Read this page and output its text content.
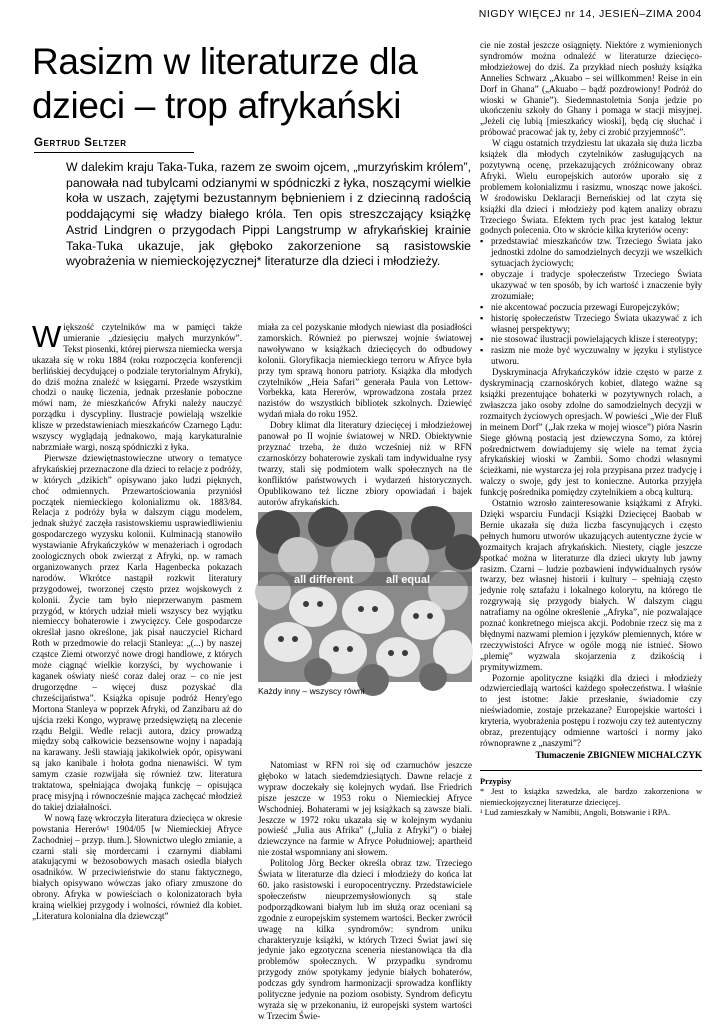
NIGDY WIĘCEJ nr 14, JESIEŃ–ZIMA 2004
Rasizm w literaturze dla dzieci – trop afrykański
Gertrud Seltzer
W dalekim kraju Taka-Tuka, razem ze swoim ojcem, „murzyńskim królem”, panowała nad tubylcami odzianymi w spódniczki z łyka, noszącymi wielkie koła w uszach, zajętymi bezustannym bębnieniem i z dziecinną radością poddającymi się władzy białego króla. Ten opis streszczający książkę Astrid Lindgren o przygodach Pippi Langstrump w afrykańskiej krainie Taka-Tuka ukazuje, jak głęboko zakorzenione są rasistowskie wyobrażenia w niemieckojęzycznej* literaturze dla dzieci i młodzieży.

Większość czytelników ma w pamięci także umieranie „dziesięciu małych murzynków”. Tekst piosenki, której pierwsza niemiecka wersja ukazała się w roku 1884 (roku rozpoczęcia konferencji berlińskiej decydującej o podziale terytorialnym Afryki), do dziś można znaleźć w księgarni. Przede wszystkim chodzi o naukę liczenia, jednak przesłanie poboczne mówi nam, że mieszkańców Afryki należy nauczyć porządku i dyscypliny. Ilustracje powielają wszelkie klisze w przedstawieniach mieszkańców Czarnego Lądu: wszyscy wyglądają jednakowo, mają karykaturalnie nabrzmiałe wargi, noszą spódniczki z łyka.

Pierwsze dziewiętnastowieczne utwory o tematyce afrykańskiej przeznaczone dla dzieci to relacje z podróży, w których „dzikich” opisywano jako ludzi pięknych, choć odmiennych. Przewartościowania przyniósł początek niemieckiego kolonializmu ok. 1883/84. Relacja z podróży była w dalszym ciągu modelem, jednak służyć zaczęła rasistowskiemu usprawiedliwieniu gospodarczego wyzysku kolonii. Kulminacją stanowiło wystawianie Afrykańczyków w menażeriach i ogrodach zoologicznych obok zwierząt z Afryki, np. w ramach organizowanych przez Karla Hagenbecka pokazach narodów. Wkrótce nastąpił rozkwit literatury przygodowej, tworzonej często przez wojskowych z kolonii. Życie tam było nieprzerwanym pasmem przygód, w których udział mieli wszyscy bez wyjątku niemieccy bohaterowie i zwycięzcy. Cele gospodarcze określał jasno określone, jak pisał nauczyciel Richard Roth w przedmowie do relacji Stanleya: „(...) by naszej cząstce Ziemi otworzyć nowe drogi handlowe, z których może ciągnąć wielkie korzyści, by wychowanie i kaganek oświaty nieść coraz dalej oraz – co nie jest drugorzędne – więcej dusz pozyskać dla chrześcijaństwa”. Książka opisuje podróż Henry'ego Mortona Stanleya w poprzek Afryki, od Zanzibaru aż do ujścia rzeki Kongo, wyprawę przedsięwziętą na zlecenie rządu Belgii. Wedle relacji autora, dzicy prowadzą między sobą całkowicie bezsensowne wojny i napadają na karawany. Jeśli stawiają jakikolwiek opór, opisywani są jako kanibale i hołota godna nienawiści. W tym samym czasie rozwijała się również tzw. literatura traktatowa, spełniająca dwojaką funkcję – opisująca pracę misyjną i równocześnie mająca zachęcać młodzież do takiej działalności.

W nową fazę wkroczyła literatura dziecięca w okresie powstania Hererów¹ 1904/05 [w Niemieckiej Afryce Zachodniej – przyp. tłum.]. Słownictwo uległo zmianie, a czarni stali się mordercami i czarnymi diabłami atakującymi w bezosobowych masach osiedla białych osadników. W przeciwieństwie do stanu faktycznego, białych opisywano wówczas jako ofiary zmuszone do obrony. Afryka w powieściach o kolonizatorach była krainą wielkiej przygody i wolności, również dla kobiet. „Literatura kolonialna dla dziewcząt”

miała za cel pozyskanie młodych niewiast dla posiadłości zamorskich. Również po pierwszej wojnie światowej nawoływano w książkach dziecięcych do odbudowy kolonii. Gloryfikacja niemieckiego terroru w Afryce była przy tym sprawą honoru patrioty. Książka dla młodych czytelników „Heia Safari” generała Paula von Lettow-Vorbekka, kata Hererów, wprowadzona została przez nazistów do wszystkich bibliotek szkolnych. Dziewięć wydań miała do roku 1952.

Dobry klimat dla literatury dziecięcej i młodzieżowej panował po II wojnie światowej w NRD. Obiektywnie przyznać trzeba, że dużo wcześniej niż w RFN czarnoskórzy bohaterowie zyskali tam indywidualne rysy twarzy, stali się podmiotem walk społecznych na tle konfliktów państwowych i wydarzeń historycznych. Opublikowano też liczne zbiory opowiadań i bajek autorów afrykańskich.

Natomiast w RFN roi się od czarnuchów jeszcze głęboko w latach siedemdziesiątych. Dawne relacje z wypraw doczekały się kolejnych wydań. Ilse Friedrich pisze jeszcze w 1953 roku o Niemieckiej Afryce Wschodniej. Bohaterami w jej książkach są zawsze biali. Jeszcze w 1972 roku ukazała się w kolejnym wydaniu powieść „Julia aus Afrika” („Julia z Afryki”) o białej dziewczynce na farmie w Afryce Południowej; apartheid nie został wspomniany ani słowem.

Politolog Jörg Becker określa obraz tzw. Trzeciego Świata w literaturze dla dzieci i młodzieży do końca lat 60. jako rasistowski i europocentryczny. Przedstawiciele społeczeństw nieuprzemysłowionych są stale podporządkowani białym lub im służą oraz oceniani są zgodnie z europejskim systemem wartości. Becker zwrócił uwagę na kilka syndromów: syndrom uniku charakteryzuje książki, w których Trzeci Świat jawi się jedynie jako egzotyczna sceneria niestanowiąca tła dla problemów społecznych. W przypadku syndromu przygody znów spotykamy jedynie białych bohaterów, podczas gdy syndrom harmonizacji sprowadza konflikty polityczne jedynie na poziom osobisty. Syndrom deficytu wyraża się w przekonaniu, iż europejski system wartości w Trzecim Świe-

all different	all equal
Każdy inny – wszyscy równi

cie nie został jeszcze osiągnięty. Niektóre z wymienionych syndromów można odnaleźć w literaturze dziecięco-młodzieżowej do dziś. Za przykład niech posłuży książka Annelies Schwarz „Akuabo – sei willkommen! Reise in ein Dorf in Ghana” („Akuabo – bądź pozdrowiony! Podróż do wioski w Ghanie”). Siedemnastoletnia Sonja jedzie po ukończeniu szkoły do Ghany i pomaga w stacji misyjnej. „Jeżeli cię lubią [mieszkańcy wioski], będą cię słuchać i próbować pracować jak ty, żeby ci zrobić przyjemność”.

W ciągu ostatnich trzydziestu lat ukazała się duża liczba książek dla młodych czytelników zasługujących na pozytywną ocenę, przekazujących zróżnicowany obraz Afryki. Wielu europejskich autorów uporało się z problemem kolonializmu i rasizmu, wnosząc nowe jakości. W środowisku Deklaracji Berneńskiej od lat czyta się książki dla dzieci i młodzieży pod kątem analizy obrazu Trzeciego Świata. Efektem tych prac jest katalog lektur godnych polecenia. Oto w skrócie kilka kryteriów oceny:

▪ przedstawiać mieszkańców tzw. Trzeciego Świata jako jednostki zdolne do samodzielnych decyzji we wszelkich sytuacjach życiowych;
▪ obyczaje i tradycje społeczeństw Trzeciego Świata ukazywać w ten sposób, by ich wartość i znaczenie były zrozumiałe;
▪ nie akcentować poczucia przewagi Europejczyków;
▪ historię społeczeństw Trzeciego Świata ukazywać z ich własnej perspektywy;
▪ nie stosować ilustracji powielających klisze i stereotypy;
▪ rasizm nie może być wyczuwalny w języku i stylistyce utworu.

Dyskryminacja Afrykańczyków idzie często w parze z dyskryminacją czarnoskórych kobiet, dlatego ważne są książki prezentujące bohaterki w pozytywnych rolach, a zwłaszcza jako osoby zdolne do samodzielnych decyzji w rozmaitych życiowych opresjach. W powieści „Wie der Fluß in meinem Dorf” („Jak rzeka w mojej wiosce”) pióra Nasrin Siege główną postacią jest dziewczyna Somo, za której pośrednictwem dowiadujemy się wiele na temat życia afrykańskiej wioski w Zambii. Somo chodzi własnymi ścieżkami, nie wystarcza jej rola przypisana przez tradycję i walczy o swoje, gdy jest to konieczne. Autorka przyjęła funkcję pośrednika pomiędzy czytelnikiem a obcą kulturą.

Ostatnio wzrosło zainteresowanie książkami z Afryki. Dzięki wsparciu Fundacji Książki Dziecięcej Baobab w Bernie ukazała się duża liczba fascynujących i często pełnych humoru utworów ukazujących autentyczne życie w rozmaitych krajach afrykańskich. Niestety, ciągle jeszcze spotkać można w literaturze dla dzieci ukryty lub jawny rasizm. Czarni – ludzie pozbawieni indywidualnych rysów twarzy, bez własnej historii i kultury – spełniają często jedynie rolę sztafażu i lokalnego kolorytu, na którego tle rozgrywają się przygody białych. W dalszym ciągu natrafiamy na ogólne określenie „Afryka”, nie pozwalające poznać konkretnego miejsca akcji. Podobnie rzecz się ma z błędnymi nazwami plemion i języków plemiennych, które w rzeczywistości Afryce w ogóle mogą nie istnieć. Słowo „plemię” wyzwala skojarzenia z dzikością i prymitywizmem.

Pozornie apolityczne książki dla dzieci i młodzieży odzwierciedlają wartości każdego społeczeństwa. I właśnie to jest istotne: Jakie przesłanie, świadomie czy nieświadomie, zostaje przekazane? Europejskie wartości i kryteria, wyobrażenia postępu i rozwoju czy też autentyczny obraz, prezentujący odmienne wartości i normy jako równoprawne z „naszymi”?

Tłumaczenie ZBIGNIEW MICHALCZYK

Przypisy

* Jest to książka szwedzka, ale bardzo zakorzeniona w niemieckojęzycznej literaturze dziecięcej.

¹ Lud zamieszkały w Namibii, Angoli, Botswanie i RPA.
